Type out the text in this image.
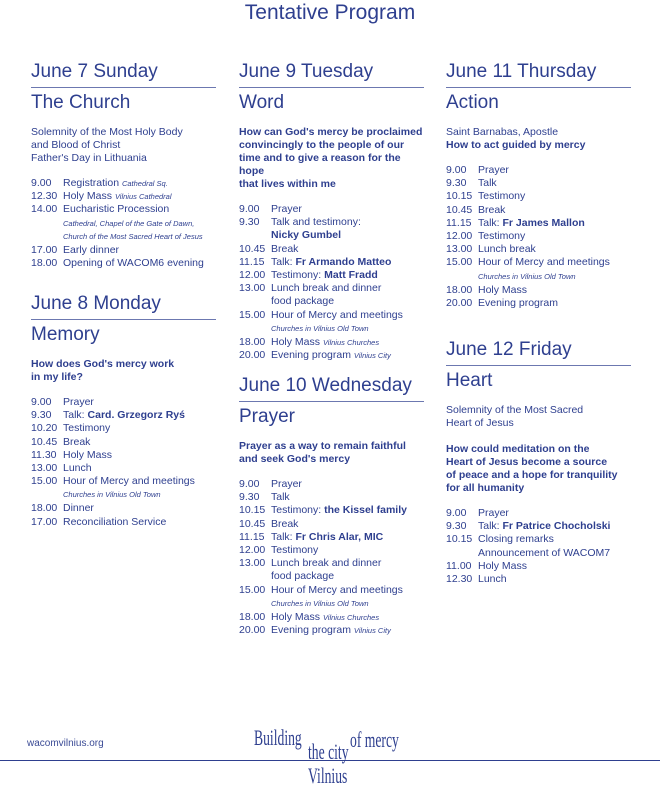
Tentative Program
June 7 Sunday
The Church
Solemnity of the Most Holy Body
and Blood of Christ
Father's Day in Lithuania
9.00	Registration Cathedral Sq.
12.30 Holy Mass Vilnius Cathedral
14.00 Eucharistic Procession
Cathedral, Chapel of the Gate of Dawn,
Church of the Most Sacred Heart of Jesus
17.00 Early dinner
18.00 Opening of WACOM6 evening
June 8 Monday
Memory
How does God's mercy work
in my life?
9.00	Prayer
9.30	Talk: Card. Grzegorz Ryś
10.20 Testimony
10.45 Break
11.30 Holy Mass
13.00 Lunch
15.00 Hour of Mercy and meetings
Churches in Vilnius Old Town
18.00 Dinner
17.00 Reconciliation Service
June 9 Tuesday
Word
How can God's mercy be proclaimed
convincingly to the people of our
time and to give a reason for the hope
that lives within me
9.00	Prayer
9.30	Talk and testimony:
Nicky Gumbel
10.45 Break
11.15 Talk: Fr Armando Matteo
12.00 Testimony: Matt Fradd
13.00 Lunch break and dinner
food package
15.00 Hour of Mercy and meetings
Churches in Vilnius Old Town
18.00 Holy Mass Vilnius Churches
20.00 Evening program Vilnius City
June 10 Wednesday
Prayer
Prayer as a way to remain faithful
and seek God's mercy
9.00	Prayer
9.30	Talk
10.15 Testimony: the Kissel family
10.45 Break
11.15 Talk: Fr Chris Alar, MIC
12.00 Testimony
13.00 Lunch break and dinner
food package
15.00 Hour of Mercy and meetings
Churches in Vilnius Old Town
18.00 Holy Mass Vilnius Churches
20.00 Evening program Vilnius City
June 11 Thursday
Action
Saint Barnabas, Apostle
How to act guided by mercy
9.00	Prayer
9.30	Talk
10.15 Testimony
10.45 Break
11.15 Talk: Fr James Mallon
12.00 Testimony
13.00 Lunch break
15.00 Hour of Mercy and meetings
Churches in Vilnius Old Town
18.00 Holy Mass
20.00 Evening program
June 12 Friday
Heart
Solemnity of the Most Sacred
Heart of Jesus
How could meditation on the
Heart of Jesus become a source
of peace and a hope for tranquility
for all humanity
9.00	Prayer
9.30	Talk: Fr Patrice Chocholski
10.15 Closing remarks
Announcement of WACOM7
11.00 Holy Mass
12.30 Lunch
wacomvilnius.org	Building
the city of mercy
Vilnius
